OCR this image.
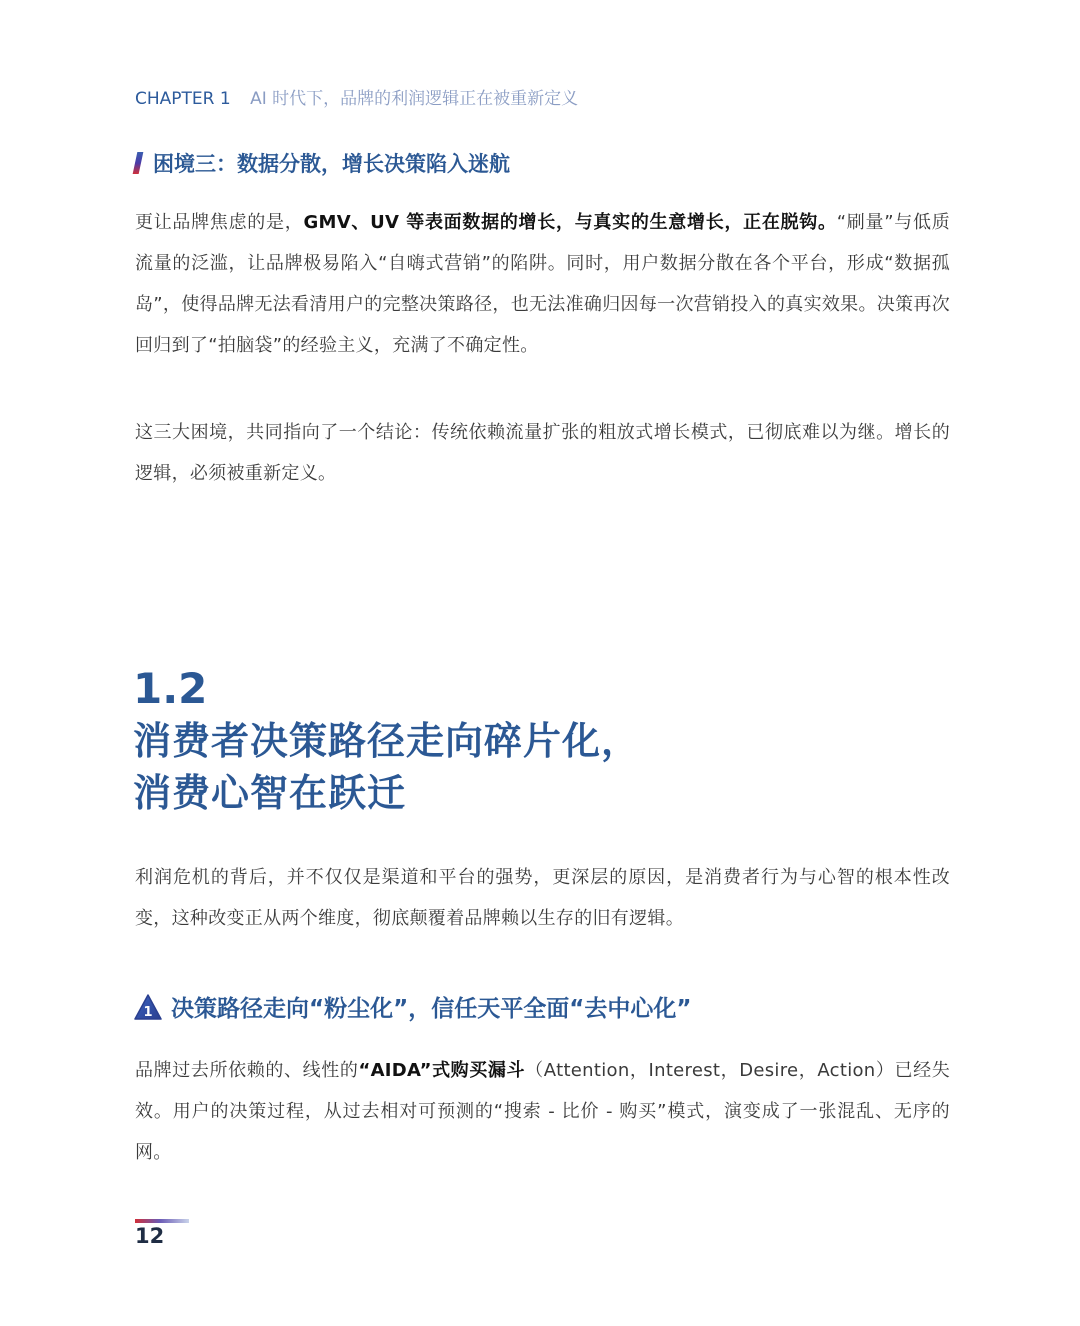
CHAPTER 1 AI 时代下，品牌的利润逻辑正在被重新定义
困境三：数据分散，增长决策陷入迷航
更让品牌焦虑的是，GMV、UV 等表面数据的增长，与真实的生意增长，正在脱钩。“刷量”与低质流量的泛滥，让品牌极易陷入“自嗨式营销”的陷阱。同时，用户数据分散在各个平台，形成“数据孤岛”，使得品牌无法看清用户的完整决策路径，也无法准确归因每一次营销投入的真实效果。决策再次回归到了“拍脑袋”的经验主义，充满了不确定性。
这三大困境，共同指向了一个结论：传统依赖流量扩张的粗放式增长模式，已彻底难以为继。增长的逻辑，必须被重新定义。
1.2
消费者决策路径走向碎片化，
消费心智在跃迁
利润危机的背后，并不仅仅是渠道和平台的强势，更深层的原因，是消费者行为与心智的根本性改变，这种改变正从两个维度，彻底颠覆着品牌赖以生存的旧有逻辑。
1 决策路径走向“粉尘化”，信任天平全面“去中心化”
品牌过去所依赖的、线性的“AIDA”式购买漏斗（Attention，Interest，Desire，Action）已经失效。用户的决策过程，从过去相对可预测的“搜索 - 比价 - 购买”模式，演变成了一张混乱、无序的网。
12
